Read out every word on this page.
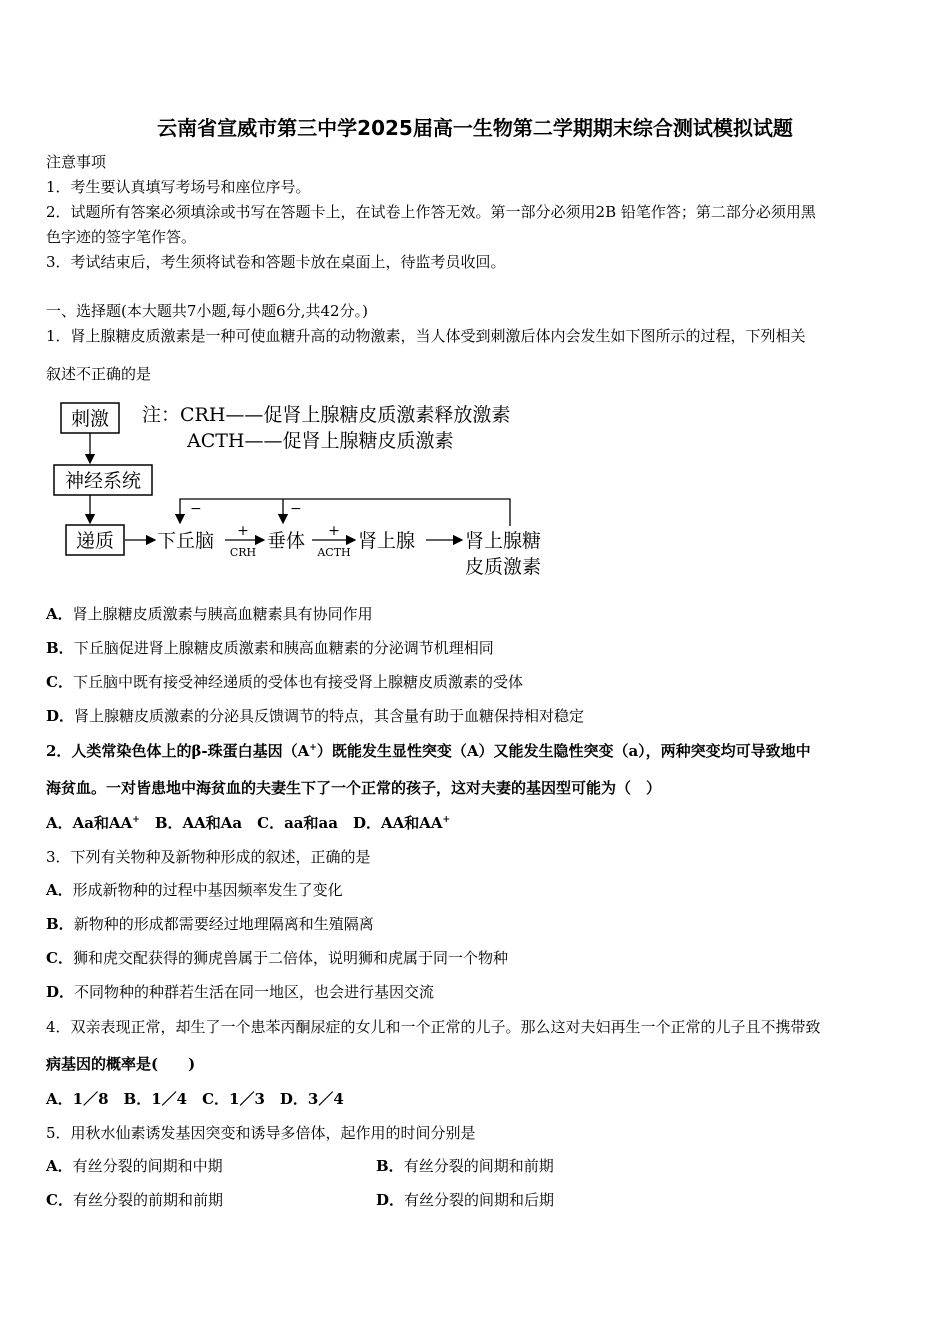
云南省宣威市第三中学2025届高一生物第二学期期末综合测试模拟试题
注意事项
1．考生要认真填写考场号和座位序号。
2．试题所有答案必须填涂或书写在答题卡上，在试卷上作答无效。第一部分必须用2B 铅笔作答；第二部分必须用黑
色字迹的签字笔作答。
3．考试结束后，考生须将试卷和答题卡放在桌面上，待监考员收回。
一、选择题(本大题共7小题,每小题6分,共42分。)
1．肾上腺糖皮质激素是一种可使血糖升高的动物激素，当人体受到刺激后体内会发生如下图所示的过程，下列相关
叙述不正确的是
刺激
神经系统
递质 下丘脑 +
CRH
垂体 +
ACTH
肾上腺	肾上腺糖
皮质激素
−	−
注：CRH——促肾上腺糖皮质激素释放激素
ACTH——促肾上腺糖皮质激素
A．肾上腺糖皮质激素与胰高血糖素具有协同作用
B．下丘脑促进肾上腺糖皮质激素和胰高血糖素的分泌调节机理相同
C．下丘脑中既有接受神经递质的受体也有接受肾上腺糖皮质激素的受体
D．肾上腺糖皮质激素的分泌具反馈调节的特点，其含量有助于血糖保持相对稳定
2．人类常染色体上的β-珠蛋白基因（A+）既能发生显性突变（A）又能发生隐性突变（a），两种突变均可导致地中
海贫血。一对皆患地中海贫血的夫妻生下了一个正常的孩子，这对夫妻的基因型可能为（　）
A．Aa和AA+　B．AA和Aa　C．aa和aa　D．AA和AA+
3．下列有关物种及新物种形成的叙述，正确的是
A．形成新物种的过程中基因频率发生了变化
B．新物种的形成都需要经过地理隔离和生殖隔离
C．狮和虎交配获得的狮虎兽属于二倍体，说明狮和虎属于同一个物种
D．不同物种的种群若生活在同一地区，也会进行基因交流
4．双亲表现正常，却生了一个患苯丙酮尿症的女儿和一个正常的儿子。那么这对夫妇再生一个正常的儿子且不携带致
病基因的概率是(　　)
A．1／8　B．1／4　C．1／3　D．3／4
5．用秋水仙素诱发基因突变和诱导多倍体，起作用的时间分别是
A．有丝分裂的间期和中期	B．有丝分裂的间期和前期
C．有丝分裂的前期和前期	D．有丝分裂的间期和后期
